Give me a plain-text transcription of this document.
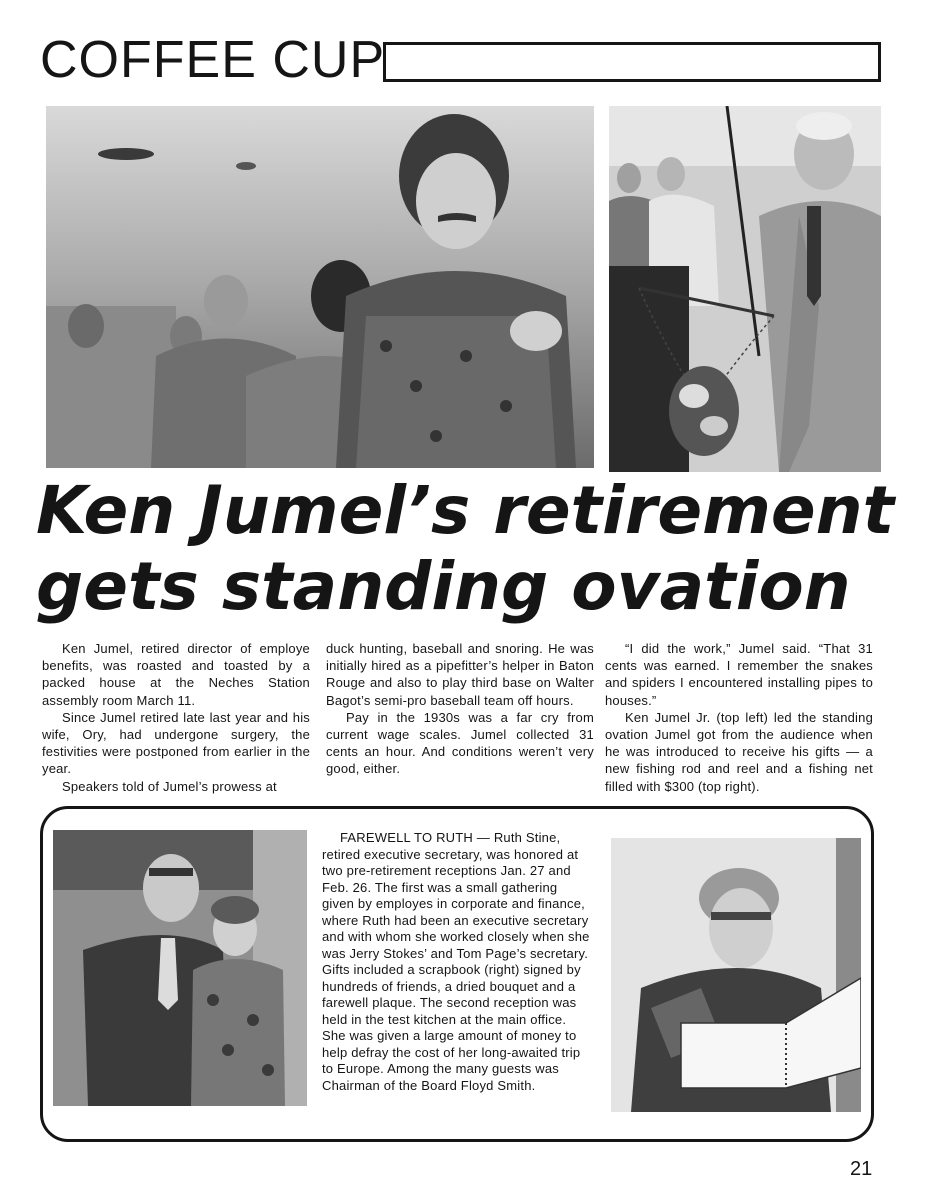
COFFEE CUP
Ken Jumel’s retirement
gets standing ovation

Ken Jumel, retired director of employe benefits, was roasted and toasted by a packed house at the Neches Station assembly room March 11.

Since Jumel retired late last year and his wife, Ory, had undergone surgery, the festivities were postponed from earlier in the year.

Speakers told of Jumel’s prowess at

duck hunting, baseball and snoring. He was initially hired as a pipefitter’s helper in Baton Rouge and also to play third base on Walter Bagot’s semi-pro baseball team off hours.

Pay in the 1930s was a far cry from current wage scales. Jumel collected 31 cents an hour. And conditions weren’t very good, either.

“I did the work,” Jumel said. “That 31 cents was earned. I remember the snakes and spiders I encountered installing pipes to houses.”

Ken Jumel Jr. (top left) led the standing ovation Jumel got from the audience when he was introduced to receive his gifts — a new fishing rod and reel and a fishing net filled with $300 (top right).

FAREWELL TO RUTH — Ruth Stine, retired executive secretary, was honored at two pre-retirement receptions Jan. 27 and Feb. 26. The first was a small gathering given by employes in corporate and finance, where Ruth had been an executive secretary and with whom she worked closely when she was Jerry Stokes’ and Tom Page’s secretary. Gifts included a scrapbook (right) signed by hundreds of friends, a dried bouquet and a farewell plaque. The second reception was held in the test kitchen at the main office. She was given a large amount of money to help defray the cost of her long-awaited trip to Europe. Among the many guests was Chairman of the Board Floyd Smith.

21
